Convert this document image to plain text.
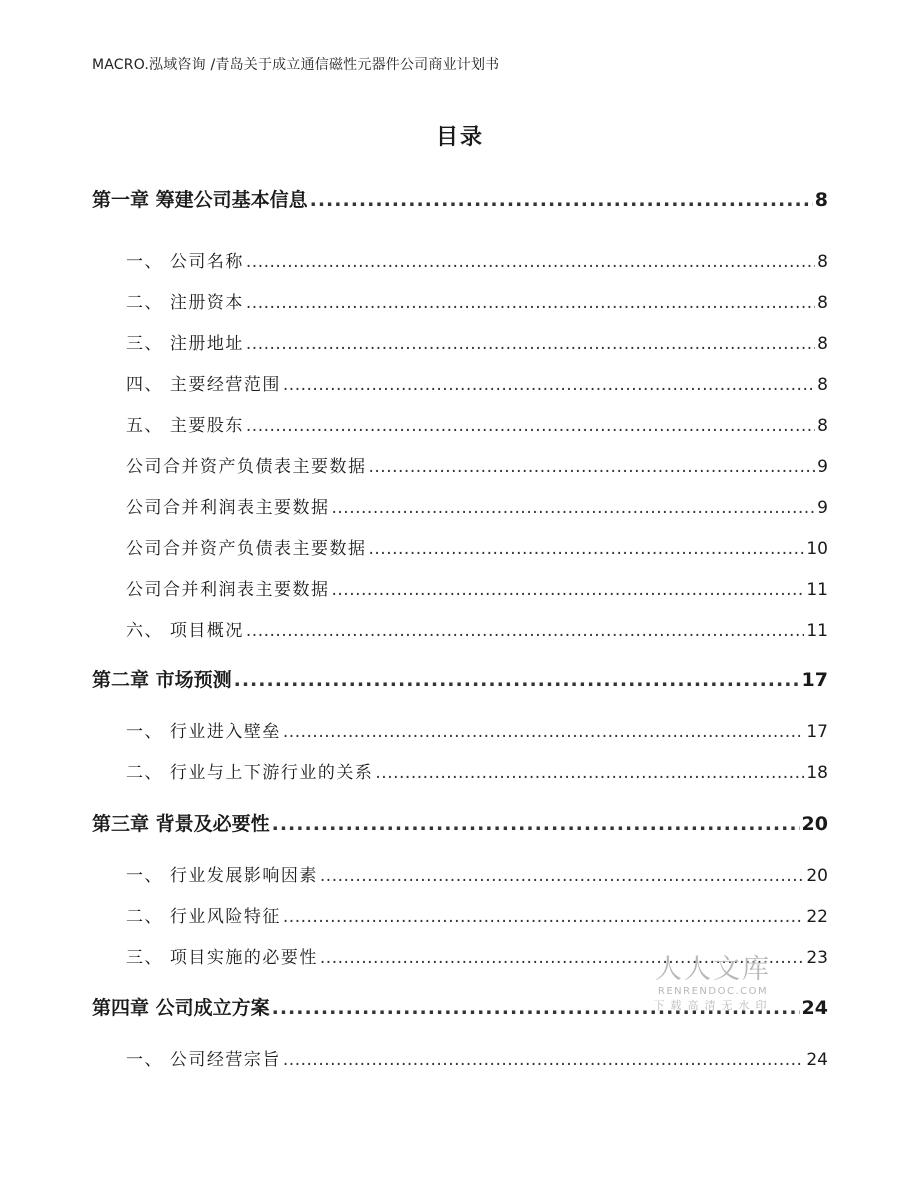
MACRO.泓域咨询 /青岛关于成立通信磁性元器件公司商业计划书
目录
第一章 筹建公司基本信息 .....	8
一、 公司名称 .....	8
二、 注册资本 .....	8
三、 注册地址 .....	8
四、 主要经营范围 .....	8
五、 主要股东 .....	8
公司合并资产负债表主要数据 .....	9
公司合并利润表主要数据 .....	9
公司合并资产负债表主要数据 .....	10
公司合并利润表主要数据 .....	11
六、 项目概况 .....	11
第二章 市场预测 .....	17
一、 行业进入壁垒 .....	17
二、 行业与上下游行业的关系 .....	18
第三章 背景及必要性 .....	20
一、 行业发展影响因素 .....	20
二、 行业风险特征 .....	22
三、 项目实施的必要性 .....	23
第四章 公司成立方案 .....	24
一、 公司经营宗旨 .....	24
人人文库
RENRENDOC.COM
下载高清无水印
